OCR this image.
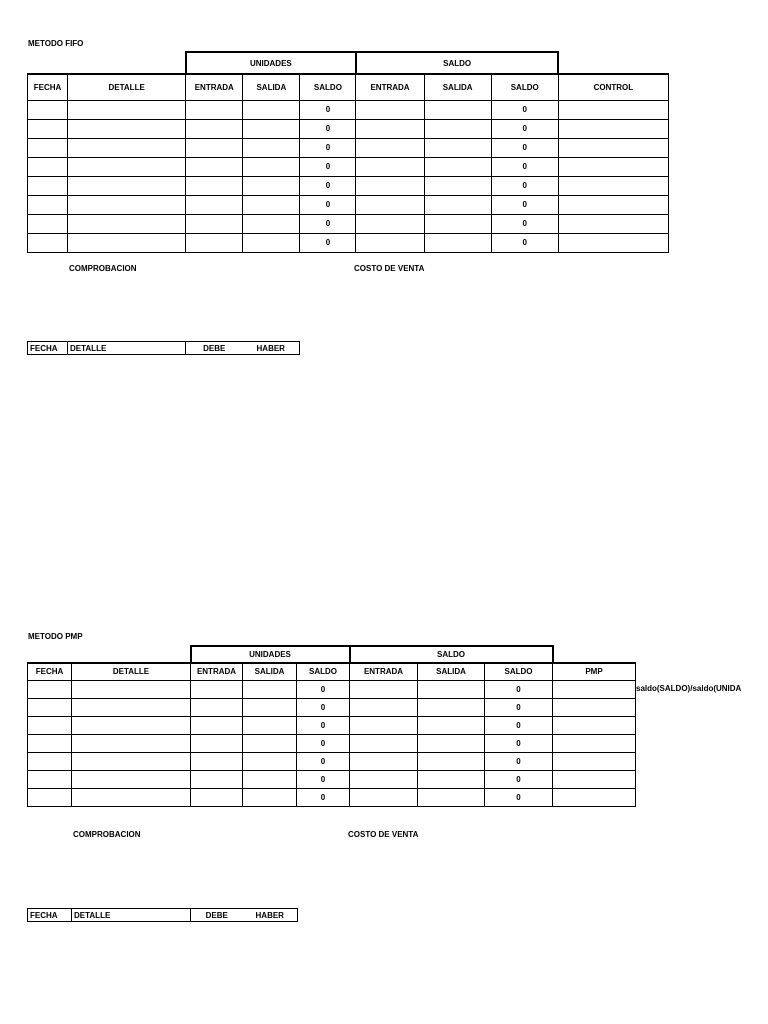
METODO FIFO
		UNIDADES			SALDO			
FECHA	DETALLE	ENTRADA	SALIDA	SALDO	ENTRADA	SALIDA	SALDO	CONTROL
				0			0	
				0			0	
				0			0	
				0			0	
				0			0	
				0			0	
				0			0	
				0			0	
COMPROBACION	COSTO DE VENTA
FECHA	DETALLE	DEBE	HABER
METODO PMP
		UNIDADES			SALDO			
FECHA	DETALLE	ENTRADA	SALIDA	SALDO	ENTRADA	SALIDA	SALDO	PMP
				0			0	
				0			0	
				0			0	
				0			0	
				0			0	
				0			0	
				0			0	
saldo(SALDO)/saldo(UNIDA
COMPROBACION	COSTO DE VENTA
FECHA	DETALLE	DEBE	HABER
